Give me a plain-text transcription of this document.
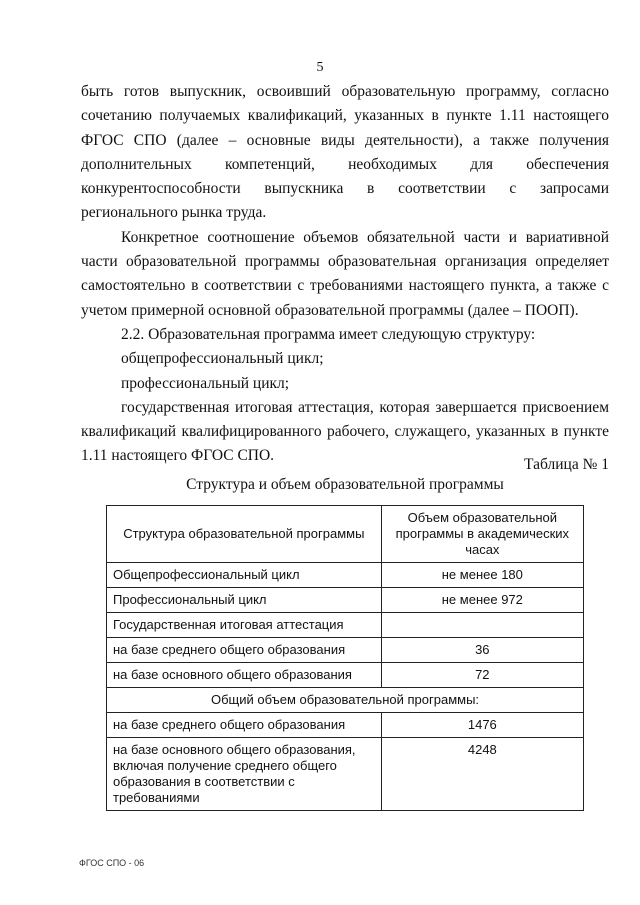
5

быть готов выпускник, освоивший образовательную программу, согласно сочетанию получаемых квалификаций, указанных в пункте 1.11 настоящего ФГОС СПО (далее – основные виды деятельности), а также получения дополнительных компетенций, необходимых для обеспечения конкурентоспособности выпускника в соответствии с запросами регионального рынка труда.

Конкретное соотношение объемов обязательной части и вариативной части образовательной программы образовательная организация определяет самостоятельно в соответствии с требованиями настоящего пункта, а также с учетом примерной основной образовательной программы (далее – ПООП).

2.2. Образовательная программа имеет следующую структуру:

общепрофессиональный цикл;

профессиональный цикл;

государственная итоговая аттестация, которая завершается присвоением квалификаций квалифицированного рабочего, служащего, указанных в пункте 1.11 настоящего ФГОС СПО.

Таблица № 1
Структура и объем образовательной программы
Структура образовательной программы	Объем образовательной программы в академических часах
Общепрофессиональный цикл	не менее 180
Профессиональный цикл	не менее 972
Государственная итоговая аттестация	
на базе среднего общего образования	36
на базе основного общего образования	72
Общий объем образовательной программы:	
на базе среднего общего образования	1476
на базе основного общего образования, включая получение среднего общего образования в соответствии с требованиями	4248
ФГОС СПО - 06
